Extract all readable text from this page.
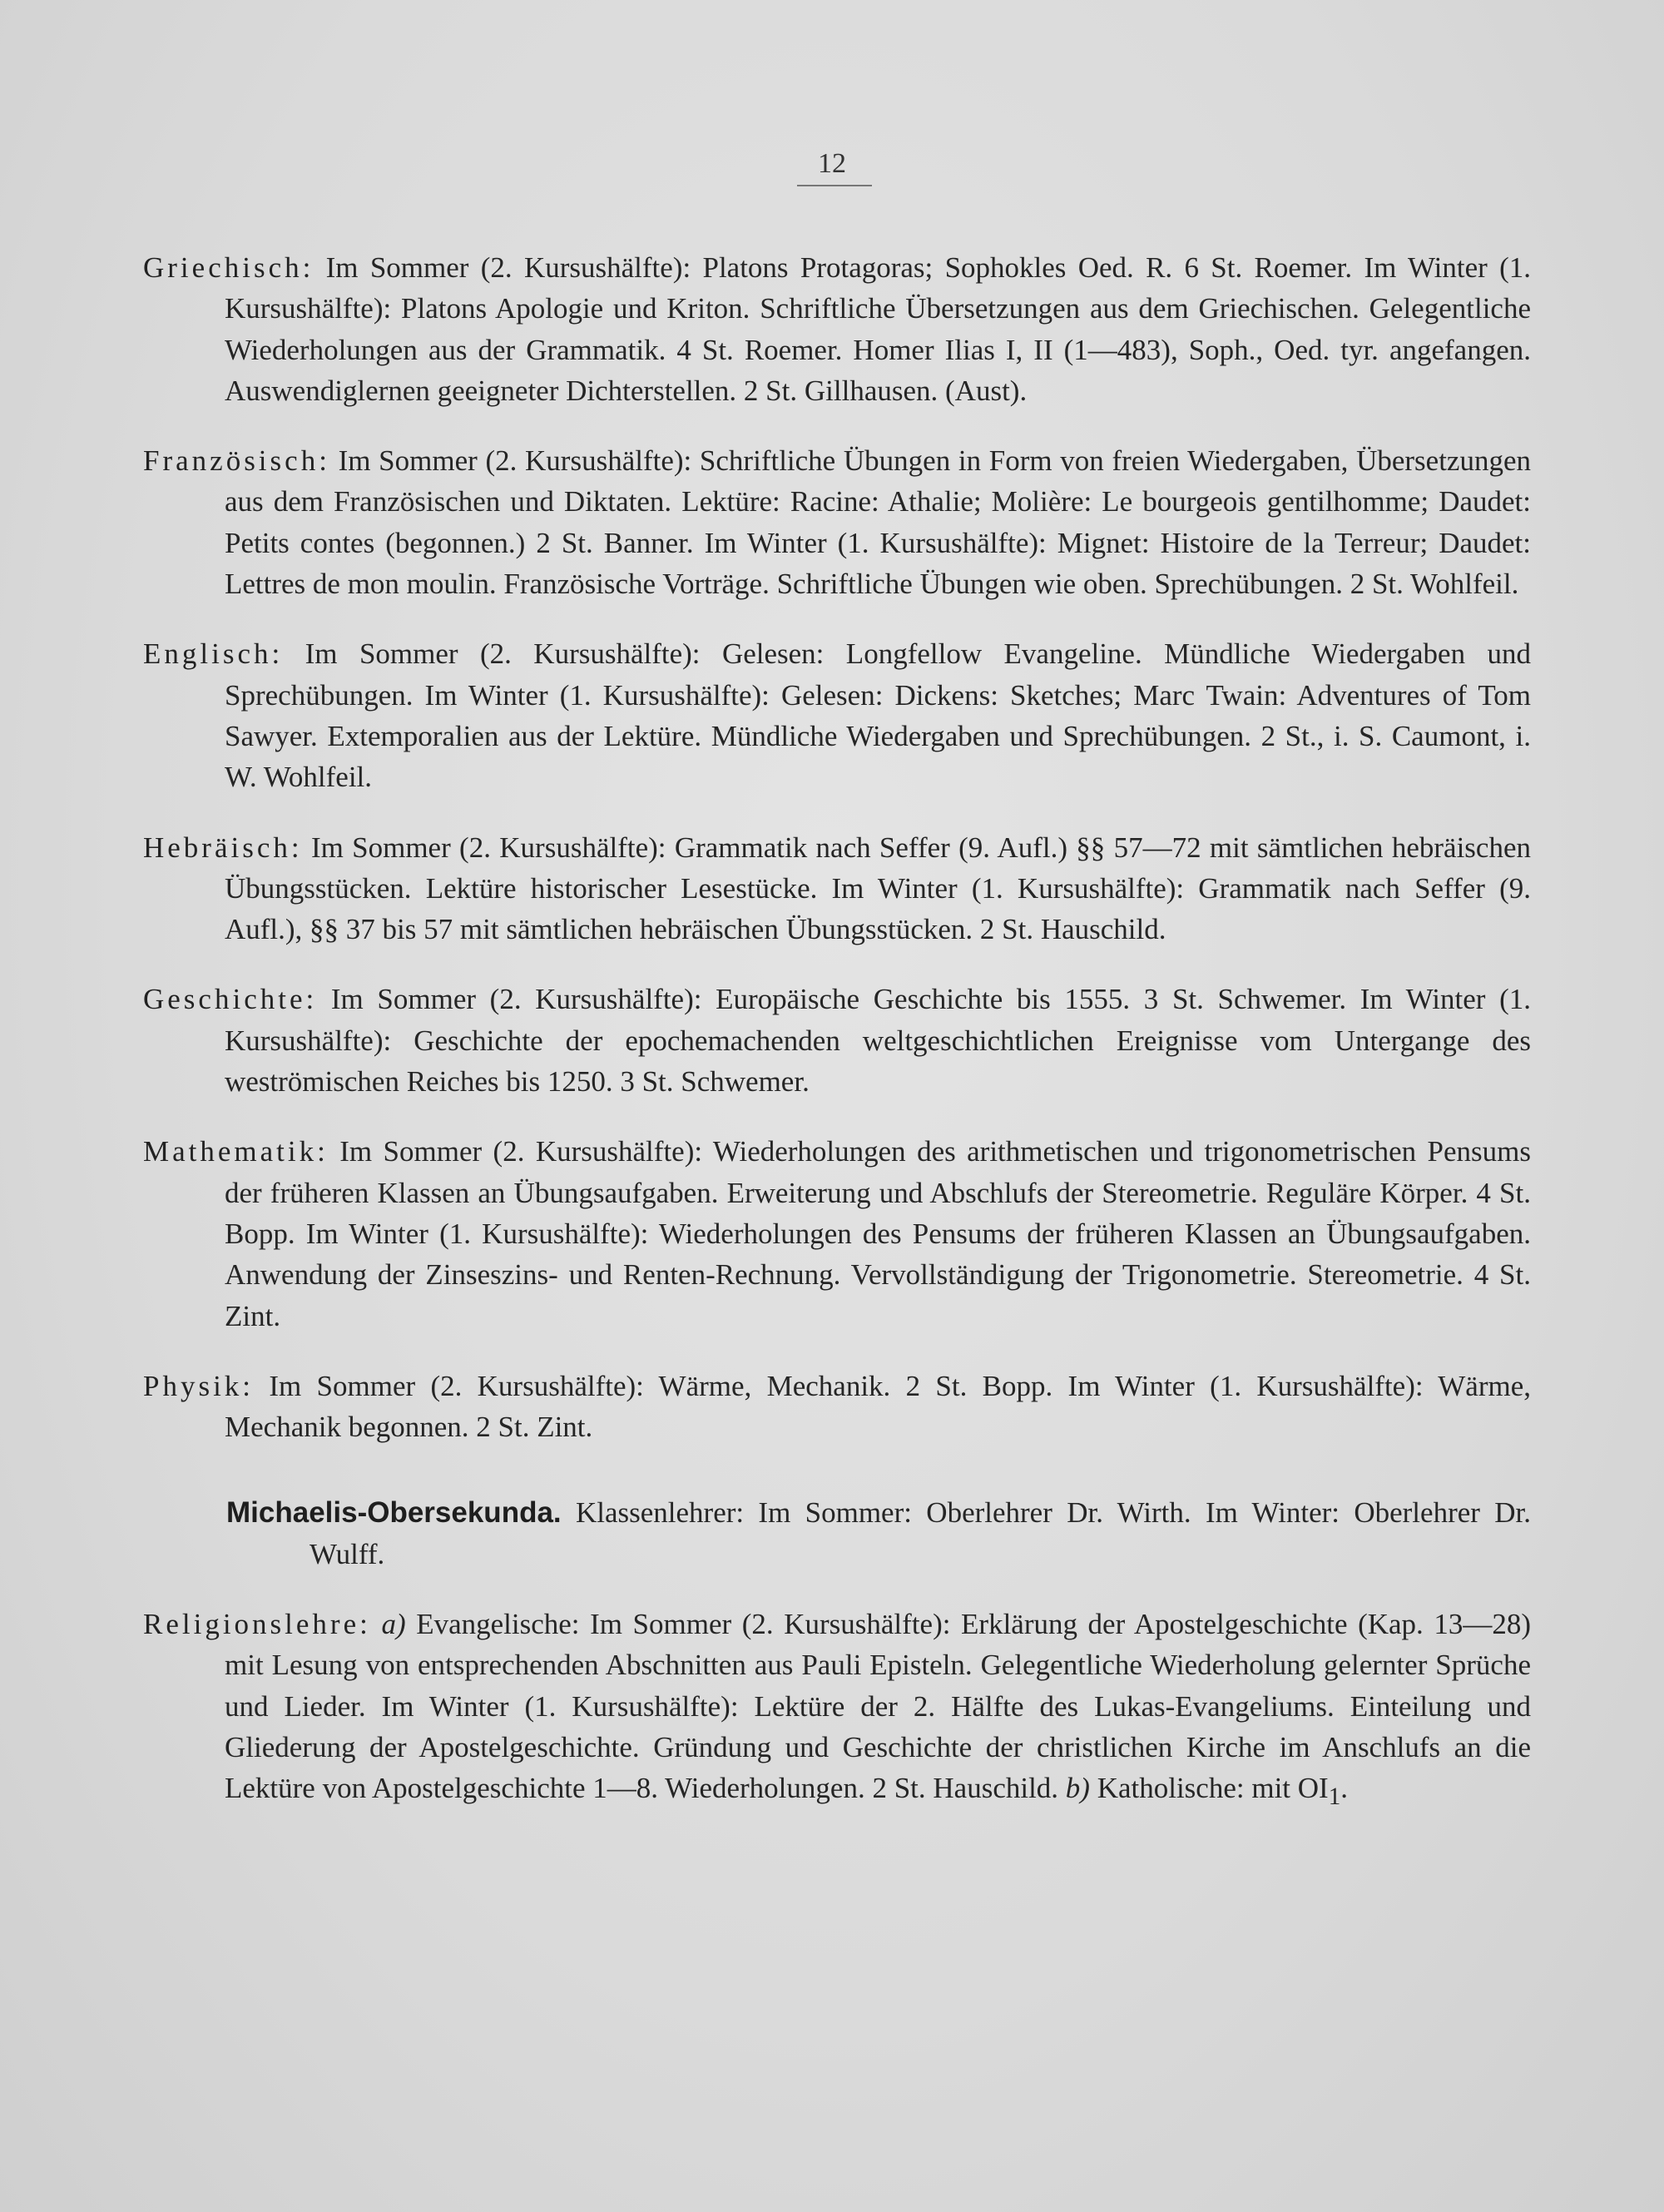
12

Griechisch: Im Sommer (2. Kursushälfte): Platons Protagoras; Sophokles Oed. R. 6 St. Roemer. Im Winter (1. Kursushälfte): Platons Apologie und Kriton. Schriftliche Übersetzungen aus dem Griechischen. Gelegentliche Wiederholungen aus der Grammatik. 4 St. Roemer. Homer Ilias I, II (1—483), Soph., Oed. tyr. angefangen. Auswendiglernen geeigneter Dichterstellen. 2 St. Gillhausen. (Aust).

Französisch: Im Sommer (2. Kursushälfte): Schriftliche Übungen in Form von freien Wiedergaben, Übersetzungen aus dem Französischen und Diktaten. Lektüre: Racine: Athalie; Molière: Le bourgeois gentilhomme; Daudet: Petits contes (begonnen.) 2 St. Banner. Im Winter (1. Kursushälfte): Mignet: Histoire de la Terreur; Daudet: Lettres de mon moulin. Französische Vorträge. Schriftliche Übungen wie oben. Sprechübungen. 2 St. Wohlfeil.

Englisch: Im Sommer (2. Kursushälfte): Gelesen: Longfellow Evangeline. Mündliche Wiedergaben und Sprechübungen. Im Winter (1. Kursushälfte): Gelesen: Dickens: Sketches; Marc Twain: Adventures of Tom Sawyer. Extemporalien aus der Lektüre. Mündliche Wiedergaben und Sprechübungen. 2 St., i. S. Caumont, i. W. Wohlfeil.

Hebräisch: Im Sommer (2. Kursushälfte): Grammatik nach Seffer (9. Aufl.) §§ 57—72 mit sämtlichen hebräischen Übungsstücken. Lektüre historischer Lesestücke. Im Winter (1. Kursushälfte): Grammatik nach Seffer (9. Aufl.), §§ 37 bis 57 mit sämtlichen hebräischen Übungsstücken. 2 St. Hauschild.

Geschichte: Im Sommer (2. Kursushälfte): Europäische Geschichte bis 1555. 3 St. Schwemer. Im Winter (1. Kursushälfte): Geschichte der epochemachenden weltgeschichtlichen Ereignisse vom Untergange des weströmischen Reiches bis 1250. 3 St. Schwemer.

Mathematik: Im Sommer (2. Kursushälfte): Wiederholungen des arithmetischen und trigonometrischen Pensums der früheren Klassen an Übungsaufgaben. Erweiterung und Abschlufs der Stereometrie. Reguläre Körper. 4 St. Bopp. Im Winter (1. Kursushälfte): Wiederholungen des Pensums der früheren Klassen an Übungsaufgaben. Anwendung der Zinseszins- und Renten-Rechnung. Vervollständigung der Trigonometrie. Stereometrie. 4 St. Zint.

Physik: Im Sommer (2. Kursushälfte): Wärme, Mechanik. 2 St. Bopp. Im Winter (1. Kursushälfte): Wärme, Mechanik begonnen. 2 St. Zint.

Michaelis-Obersekunda. Klassenlehrer: Im Sommer: Oberlehrer Dr. Wirth. Im Winter: Oberlehrer Dr. Wulff.

Religionslehre: a) Evangelische: Im Sommer (2. Kursushälfte): Erklärung der Apostelgeschichte (Kap. 13—28) mit Lesung von entsprechenden Abschnitten aus Pauli Episteln. Gelegentliche Wiederholung gelernter Sprüche und Lieder. Im Winter (1. Kursushälfte): Lektüre der 2. Hälfte des Lukas-Evangeliums. Einteilung und Gliederung der Apostelgeschichte. Gründung und Geschichte der christlichen Kirche im Anschlufs an die Lektüre von Apostelgeschichte 1—8. Wiederholungen. 2 St. Hauschild. b) Katholische: mit $OI_1$.
